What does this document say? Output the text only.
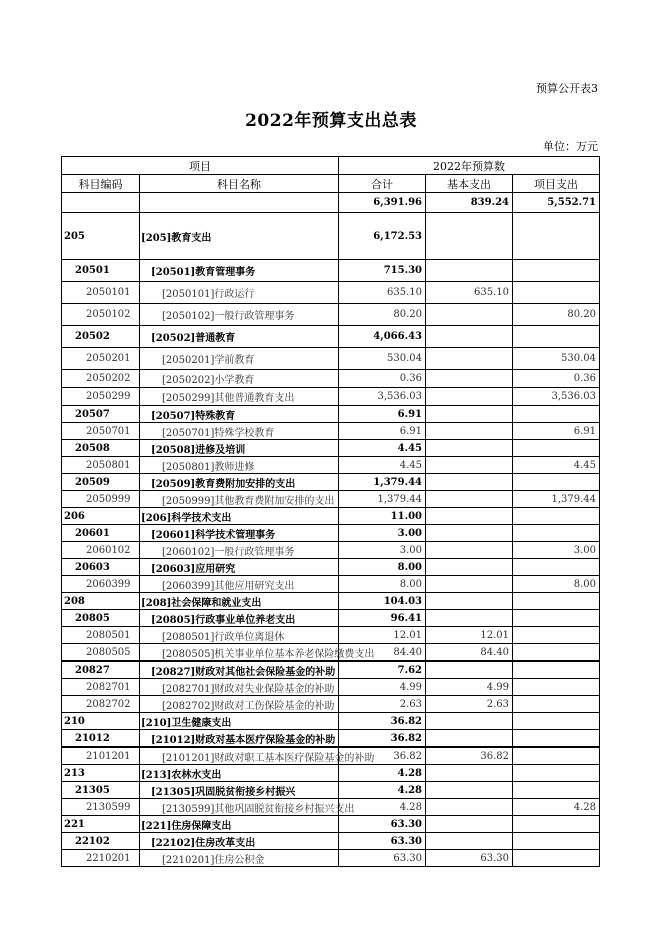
预算公开表3
2022年预算支出总表
单位：万元
项目		2022年预算数		
科目编码	科目名称	合计	基本支出	项目支出
		6,391.96	839.24	5,552.71
205	[205]教育支出	6,172.53		
20501	[20501]教育管理事务	715.30		
2050101	[2050101]行政运行	635.10	635.10	
2050102	[2050102]一般行政管理事务	80.20		80.20
20502	[20502]普通教育	4,066.43		
2050201	[2050201]学前教育	530.04		530.04
2050202	[2050202]小学教育	0.36		0.36
2050299	[2050299]其他普通教育支出	3,536.03		3,536.03
20507	[20507]特殊教育	6.91		
2050701	[2050701]特殊学校教育	6.91		6.91
20508	[20508]进修及培训	4.45		
2050801	[2050801]教师进修	4.45		4.45
20509	[20509]教育费附加安排的支出	1,379.44		
2050999	[2050999]其他教育费附加安排的支出	1,379.44		1,379.44
206	[206]科学技术支出	11.00		
20601	[20601]科学技术管理事务	3.00		
2060102	[2060102]一般行政管理事务	3.00		3.00
20603	[20603]应用研究	8.00		
2060399	[2060399]其他应用研究支出	8.00		8.00
208	[208]社会保障和就业支出	104.03		
20805	[20805]行政事业单位养老支出	96.41		
2080501	[2080501]行政单位离退休	12.01	12.01	
2080505	[2080505]机关事业单位基本养老保险缴费支出	84.40	84.40	
20827	[20827]财政对其他社会保险基金的补助	7.62		
2082701	[2082701]财政对失业保险基金的补助	4.99	4.99	
2082702	[2082702]财政对工伤保险基金的补助	2.63	2.63	
210	[210]卫生健康支出	36.82		
21012	[21012]财政对基本医疗保险基金的补助	36.82		
2101201	[2101201]财政对职工基本医疗保险基金的补助	36.82	36.82	
213	[213]农林水支出	4.28		
21305	[21305]巩固脱贫衔接乡村振兴	4.28		
2130599	[2130599]其他巩固脱贫衔接乡村振兴支出	4.28		4.28
221	[221]住房保障支出	63.30		
22102	[22102]住房改革支出	63.30		
2210201	[2210201]住房公积金	63.30	63.30	
